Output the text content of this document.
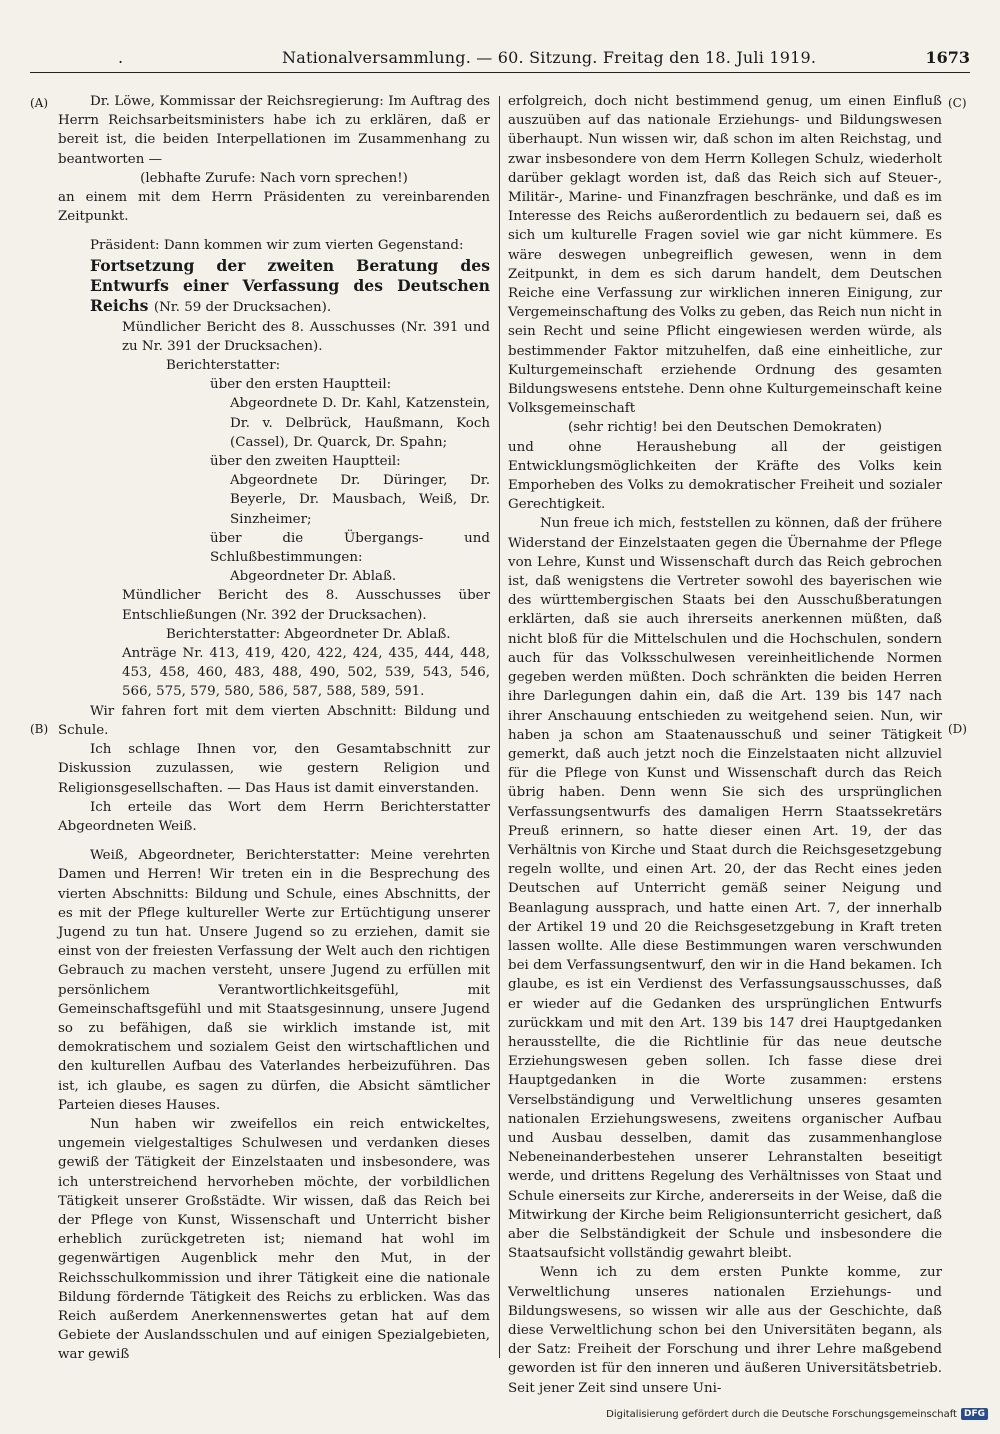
.	Nationalversammlung. — 60. Sitzung. Freitag den 18. Juli 1919.	1673
(A)
(B)
(C)
(D)

Dr. Löwe, Kommissar der Reichsregierung: Im Auftrag des Herrn Reichsarbeitsministers habe ich zu erklären, daß er bereit ist, die beiden Interpellationen im Zusammenhang zu beantworten —

(lebhafte Zurufe: Nach vorn sprechen!)

an einem mit dem Herrn Präsidenten zu vereinbarenden Zeitpunkt.

Präsident: Dann kommen wir zum vierten Gegenstand:

Fortsetzung der zweiten Beratung des Entwurfs einer Verfassung des Deutschen Reichs (Nr. 59 der Drucksachen).

Mündlicher Bericht des 8. Ausschusses (Nr. 391 und zu Nr. 391 der Drucksachen).

Berichterstatter:

über den ersten Hauptteil:

Abgeordnete D. Dr. Kahl, Katzenstein, Dr. v. Delbrück, Haußmann, Koch (Cassel), Dr. Quarck, Dr. Spahn;

über den zweiten Hauptteil:

Abgeordnete Dr. Düringer, Dr. Beyerle, Dr. Mausbach, Weiß, Dr. Sinzheimer;

über die Übergangs- und Schlußbestimmungen:

Abgeordneter Dr. Ablaß.

Mündlicher Bericht des 8. Ausschusses über Entschließungen (Nr. 392 der Drucksachen).

Berichterstatter: Abgeordneter Dr. Ablaß.

Anträge Nr. 413, 419, 420, 422, 424, 435, 444, 448, 453, 458, 460, 483, 488, 490, 502, 539, 543, 546, 566, 575, 579, 580, 586, 587, 588, 589, 591.

Wir fahren fort mit dem vierten Abschnitt: Bildung und Schule.

Ich schlage Ihnen vor, den Gesamtabschnitt zur Diskussion zuzulassen, wie gestern Religion und Religionsgesellschaften. — Das Haus ist damit einverstanden.

Ich erteile das Wort dem Herrn Berichterstatter Abgeordneten Weiß.

Weiß, Abgeordneter, Berichterstatter: Meine verehrten Damen und Herren! Wir treten ein in die Besprechung des vierten Abschnitts: Bildung und Schule, eines Abschnitts, der es mit der Pflege kultureller Werte zur Ertüchtigung unserer Jugend zu tun hat. Unsere Jugend so zu erziehen, damit sie einst von der freiesten Verfassung der Welt auch den richtigen Gebrauch zu machen versteht, unsere Jugend zu erfüllen mit persönlichem Verantwortlichkeitsgefühl, mit Gemeinschaftsgefühl und mit Staatsgesinnung, unsere Jugend so zu befähigen, daß sie wirklich imstande ist, mit demokratischem und sozialem Geist den wirtschaftlichen und den kulturellen Aufbau des Vaterlandes herbeizuführen. Das ist, ich glaube, es sagen zu dürfen, die Absicht sämtlicher Parteien dieses Hauses.

Nun haben wir zweifellos ein reich entwickeltes, ungemein vielgestaltiges Schulwesen und verdanken dieses gewiß der Tätigkeit der Einzelstaaten und insbesondere, was ich unterstreichend hervorheben möchte, der vorbildlichen Tätigkeit unserer Großstädte. Wir wissen, daß das Reich bei der Pflege von Kunst, Wissenschaft und Unterricht bisher erheblich zurückgetreten ist; niemand hat wohl im gegenwärtigen Augenblick mehr den Mut, in der Reichsschulkommission und ihrer Tätigkeit eine die nationale Bildung fördernde Tätigkeit des Reichs zu erblicken. Was das Reich außerdem Anerkennenswertes getan hat auf dem Gebiete der Auslandsschulen und auf einigen Spezialgebieten, war gewiß

erfolgreich, doch nicht bestimmend genug, um einen Einfluß auszuüben auf das nationale Erziehungs- und Bildungswesen überhaupt. Nun wissen wir, daß schon im alten Reichstag, und zwar insbesondere von dem Herrn Kollegen Schulz, wiederholt darüber geklagt worden ist, daß das Reich sich auf Steuer-, Militär-, Marine- und Finanzfragen beschränke, und daß es im Interesse des Reichs außerordentlich zu bedauern sei, daß es sich um kulturelle Fragen soviel wie gar nicht kümmere. Es wäre deswegen unbegreiflich gewesen, wenn in dem Zeitpunkt, in dem es sich darum handelt, dem Deutschen Reiche eine Verfassung zur wirklichen inneren Einigung, zur Vergemeinschaftung des Volks zu geben, das Reich nun nicht in sein Recht und seine Pflicht eingewiesen werden würde, als bestimmender Faktor mitzuhelfen, daß eine einheitliche, zur Kulturgemeinschaft erziehende Ordnung des gesamten Bildungswesens entstehe. Denn ohne Kulturgemeinschaft keine Volksgemeinschaft

(sehr richtig! bei den Deutschen Demokraten)

und ohne Heraushebung all der geistigen Entwicklungsmöglichkeiten der Kräfte des Volks kein Emporheben des Volks zu demokratischer Freiheit und sozialer Gerechtigkeit.

Nun freue ich mich, feststellen zu können, daß der frühere Widerstand der Einzelstaaten gegen die Übernahme der Pflege von Lehre, Kunst und Wissenschaft durch das Reich gebrochen ist, daß wenigstens die Vertreter sowohl des bayerischen wie des württembergischen Staats bei den Ausschußberatungen erklärten, daß sie auch ihrerseits anerkennen müßten, daß nicht bloß für die Mittelschulen und die Hochschulen, sondern auch für das Volksschulwesen vereinheitlichende Normen gegeben werden müßten. Doch schränkten die beiden Herren ihre Darlegungen dahin ein, daß die Art. 139 bis 147 nach ihrer Anschauung entschieden zu weitgehend seien. Nun, wir haben ja schon am Staatenausschuß und seiner Tätigkeit gemerkt, daß auch jetzt noch die Einzelstaaten nicht allzuviel für die Pflege von Kunst und Wissenschaft durch das Reich übrig haben. Denn wenn Sie sich des ursprünglichen Verfassungsentwurfs des damaligen Herrn Staatssekretärs Preuß erinnern, so hatte dieser einen Art. 19, der das Verhältnis von Kirche und Staat durch die Reichsgesetzgebung regeln wollte, und einen Art. 20, der das Recht eines jeden Deutschen auf Unterricht gemäß seiner Neigung und Beanlagung aussprach, und hatte einen Art. 7, der innerhalb der Artikel 19 und 20 die Reichsgesetzgebung in Kraft treten lassen wollte. Alle diese Bestimmungen waren verschwunden bei dem Verfassungsentwurf, den wir in die Hand bekamen. Ich glaube, es ist ein Verdienst des Verfassungsausschusses, daß er wieder auf die Gedanken des ursprünglichen Entwurfs zurückkam und mit den Art. 139 bis 147 drei Hauptgedanken herausstellte, die die Richtlinie für das neue deutsche Erziehungswesen geben sollen. Ich fasse diese drei Hauptgedanken in die Worte zusammen: erstens Verselbständigung und Verweltlichung unseres gesamten nationalen Erziehungswesens, zweitens organischer Aufbau und Ausbau desselben, damit das zusammenhanglose Nebeneinanderbestehen unserer Lehranstalten beseitigt werde, und drittens Regelung des Verhältnisses von Staat und Schule einerseits zur Kirche, andererseits in der Weise, daß die Mitwirkung der Kirche beim Religionsunterricht gesichert, daß aber die Selbständigkeit der Schule und insbesondere die Staatsaufsicht vollständig gewahrt bleibt.

Wenn ich zu dem ersten Punkte komme, zur Verweltlichung unseres nationalen Erziehungs- und Bildungswesens, so wissen wir alle aus der Geschichte, daß diese Verweltlichung schon bei den Universitäten begann, als der Satz: Freiheit der Forschung und ihrer Lehre maßgebend geworden ist für den inneren und äußeren Universitätsbetrieb. Seit jener Zeit sind unsere Uni-

Digitalisierung gefördert durch die Deutsche Forschungsgemeinschaft DFG
